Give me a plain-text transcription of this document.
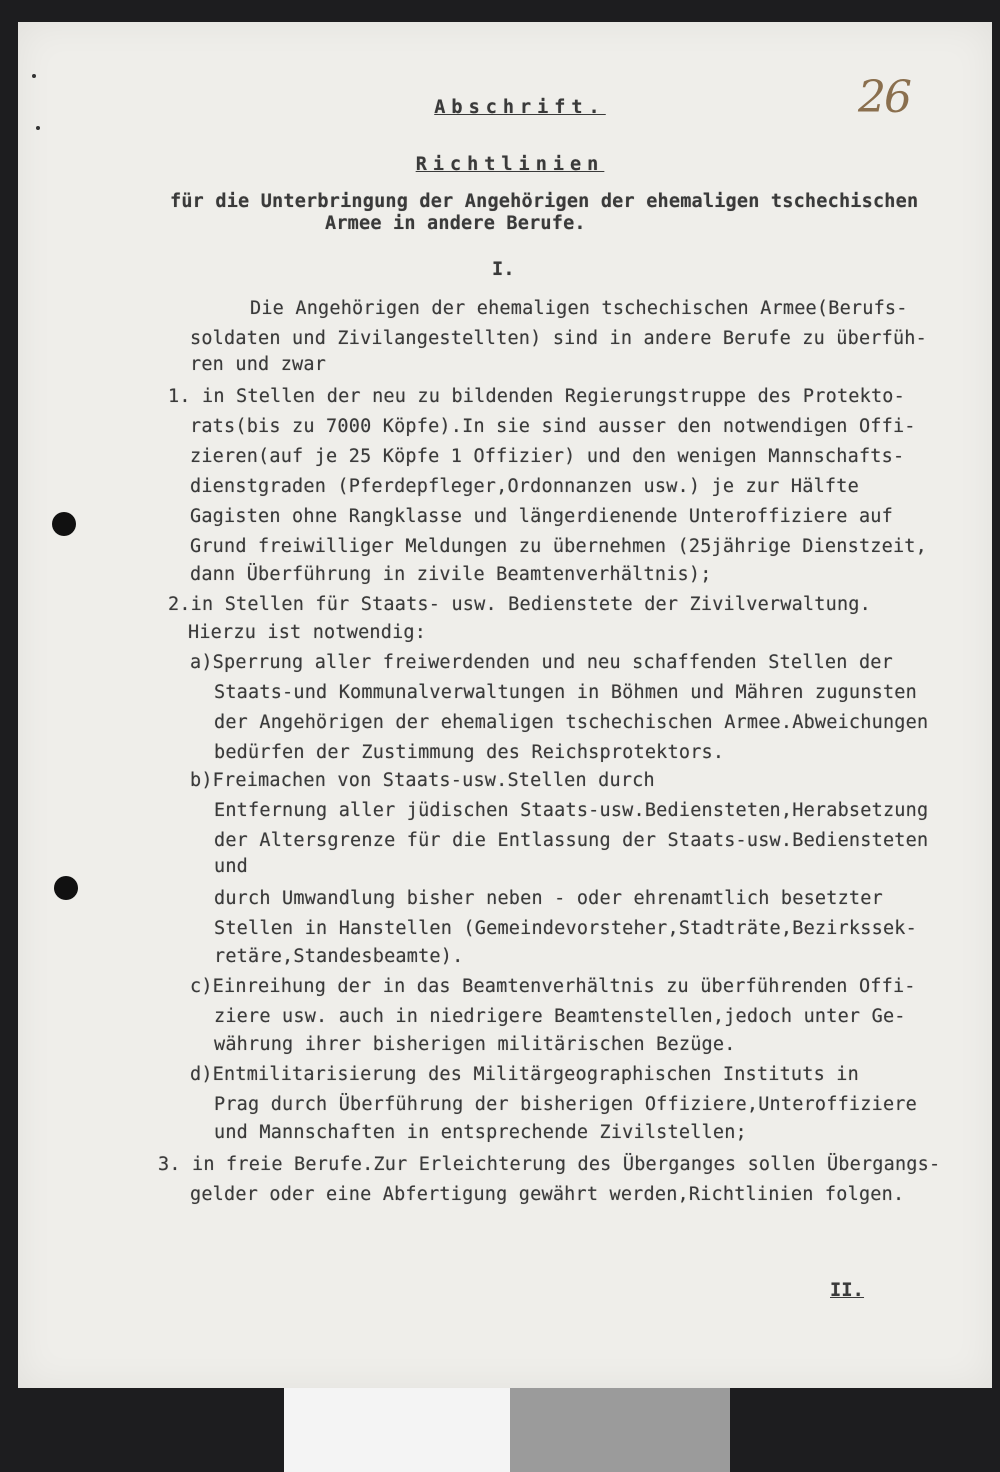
26
Abschrift.
Richtlinien

für die Unterbringung der Angehörigen der ehemaligen tschechischen

Armee in andere Berufe.

I.

Die Angehörigen der ehemaligen tschechischen Armee(Berufs-

soldaten und Zivilangestellten) sind in andere Berufe zu überfüh-

ren und zwar

1. in Stellen der neu zu bildenden Regierungstruppe des Protekto-

rats(bis zu 7000 Köpfe).In sie sind ausser den notwendigen Offi-

zieren(auf je 25 Köpfe 1 Offizier) und den wenigen Mannschafts-

dienstgraden (Pferdepfleger,Ordonnanzen usw.) je zur Hälfte

Gagisten ohne Rangklasse und längerdienende Unteroffiziere auf

Grund freiwilliger Meldungen zu übernehmen (25jährige Dienstzeit,

dann Überführung in zivile Beamtenverhältnis);

2.in Stellen für Staats- usw. Bedienstete der Zivilverwaltung.

Hierzu ist notwendig:

a)Sperrung aller freiwerdenden und neu schaffenden Stellen der

Staats-und Kommunalverwaltungen in Böhmen und Mähren zugunsten

der Angehörigen der ehemaligen tschechischen Armee.Abweichungen

bedürfen der Zustimmung des Reichsprotektors.

b)Freimachen von Staats-usw.Stellen durch

Entfernung aller jüdischen Staats-usw.Bediensteten,Herabsetzung

der Altersgrenze für die Entlassung der Staats-usw.Bediensteten

und

durch Umwandlung bisher neben - oder ehrenamtlich besetzter

Stellen in Hanstellen (Gemeindevorsteher,Stadträte,Bezirkssek-

retäre,Standesbeamte).

c)Einreihung der in das Beamtenverhältnis zu überführenden Offi-

ziere usw. auch in niedrigere Beamtenstellen,jedoch unter Ge-

währung ihrer bisherigen militärischen Bezüge.

d)Entmilitarisierung des Militärgeographischen Instituts in

Prag durch Überführung der bisherigen Offiziere,Unteroffiziere

und Mannschaften in entsprechende Zivilstellen;

3. in freie Berufe.Zur Erleichterung des Überganges sollen Übergangs-

gelder oder eine Abfertigung gewährt werden,Richtlinien folgen.

II.
